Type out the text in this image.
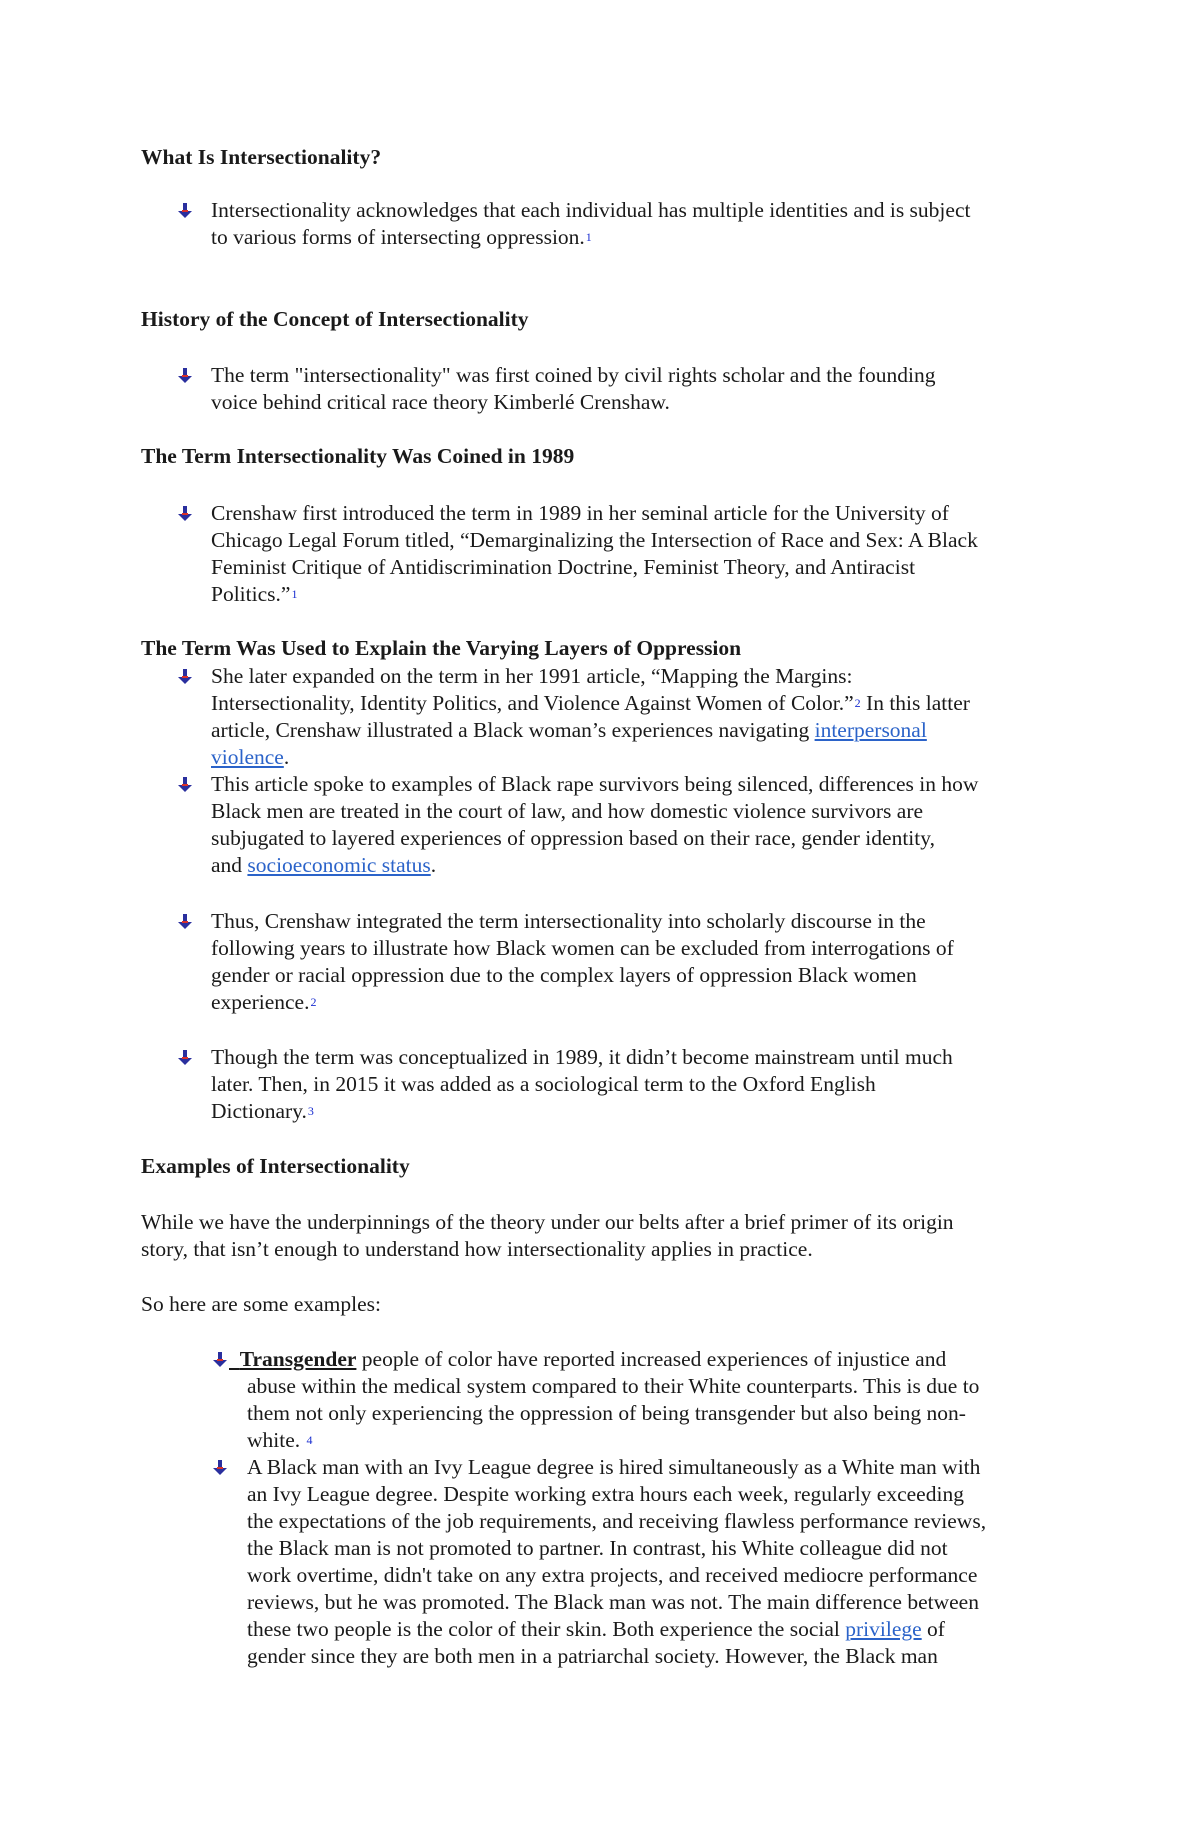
What Is Intersectionality?

Intersectionality acknowledges that each individual has multiple identities and is subject

to various forms of intersecting oppression.$^1$

History of the Concept of Intersectionality

The term "intersectionality" was first coined by civil rights scholar and the founding

voice behind critical race theory Kimberlé Crenshaw.

The Term Intersectionality Was Coined in 1989

Crenshaw first introduced the term in 1989 in her seminal article for the University of

Chicago Legal Forum titled, “Demarginalizing the Intersection of Race and Sex: A Black

Feminist Critique of Antidiscrimination Doctrine, Feminist Theory, and Antiracist

Politics.”$^1$

The Term Was Used to Explain the Varying Layers of Oppression

She later expanded on the term in her 1991 article, “Mapping the Margins:

Intersectionality, Identity Politics, and Violence Against Women of Color.”$^2$ In this latter

article, Crenshaw illustrated a Black woman’s experiences navigating interpersonal

violence.

This article spoke to examples of Black rape survivors being silenced, differences in how

Black men are treated in the court of law, and how domestic violence survivors are

subjugated to layered experiences of oppression based on their race, gender identity,

and socioeconomic status.

Thus, Crenshaw integrated the term intersectionality into scholarly discourse in the

following years to illustrate how Black women can be excluded from interrogations of

gender or racial oppression due to the complex layers of oppression Black women

experience.$^2$

Though the term was conceptualized in 1989, it didn’t become mainstream until much

later. Then, in 2015 it was added as a sociological term to the Oxford English

Dictionary.$^3$

Examples of Intersectionality

While we have the underpinnings of the theory under our belts after a brief primer of its origin

story, that isn’t enough to understand how intersectionality applies in practice.

So here are some examples:

Transgender people of color have reported increased experiences of injustice and

abuse within the medical system compared to their White counterparts. This is due to

them not only experiencing the oppression of being transgender but also being non-

white. $^4$

A Black man with an Ivy League degree is hired simultaneously as a White man with

an Ivy League degree. Despite working extra hours each week, regularly exceeding

the expectations of the job requirements, and receiving flawless performance reviews,

the Black man is not promoted to partner. In contrast, his White colleague did not

work overtime, didn't take on any extra projects, and received mediocre performance

reviews, but he was promoted. The Black man was not. The main difference between

these two people is the color of their skin. Both experience the social privilege of

gender since they are both men in a patriarchal society. However, the Black man
